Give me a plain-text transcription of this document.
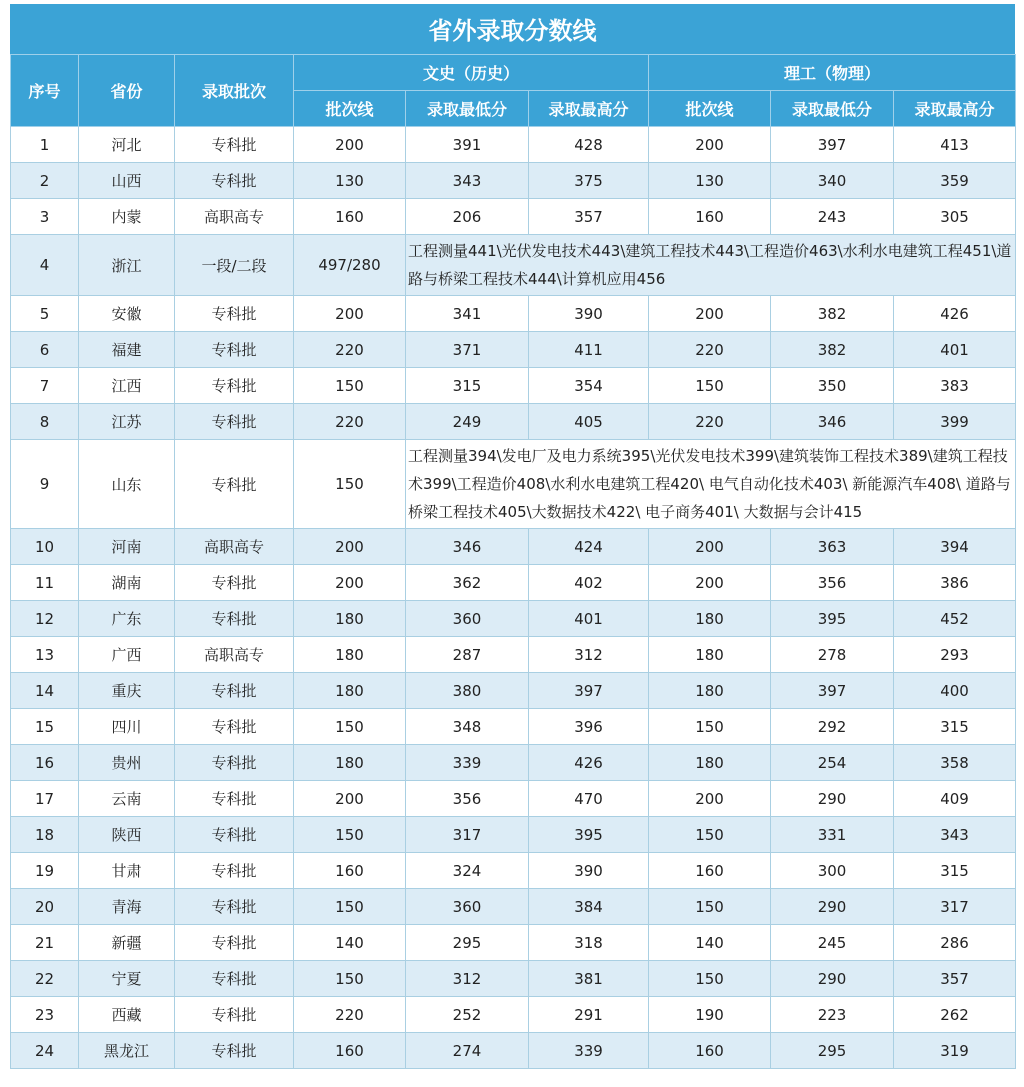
省外录取分数线
序号	省份	录取批次	文史（历史）			理工（物理）		
			批次线	录取最低分	录取最高分	批次线	录取最低分	录取最高分
1	河北	专科批	200	391	428	200	397	413
2	山西	专科批	130	343	375	130	340	359
3	内蒙	高职高专	160	206	357	160	243	305
4	浙江	一段/二段	497/280	工程测量441\光伏发电技术443\建筑工程技术443\工程造价463\水利水电建筑工程451\道路与桥梁工程技术444\计算机应用456				
5	安徽	专科批	200	341	390	200	382	426
6	福建	专科批	220	371	411	220	382	401
7	江西	专科批	150	315	354	150	350	383
8	江苏	专科批	220	249	405	220	346	399
9	山东	专科批	150	工程测量394\发电厂及电力系统395\光伏发电技术399\建筑装饰工程技术389\建筑工程技术399\工程造价408\水利水电建筑工程420\ 电气自动化技术403\ 新能源汽车408\ 道路与桥梁工程技术405\大数据技术422\ 电子商务401\ 大数据与会计415				
10	河南	高职高专	200	346	424	200	363	394
11	湖南	专科批	200	362	402	200	356	386
12	广东	专科批	180	360	401	180	395	452
13	广西	高职高专	180	287	312	180	278	293
14	重庆	专科批	180	380	397	180	397	400
15	四川	专科批	150	348	396	150	292	315
16	贵州	专科批	180	339	426	180	254	358
17	云南	专科批	200	356	470	200	290	409
18	陕西	专科批	150	317	395	150	331	343
19	甘肃	专科批	160	324	390	160	300	315
20	青海	专科批	150	360	384	150	290	317
21	新疆	专科批	140	295	318	140	245	286
22	宁夏	专科批	150	312	381	150	290	357
23	西藏	专科批	220	252	291	190	223	262
24	黑龙江	专科批	160	274	339	160	295	319
